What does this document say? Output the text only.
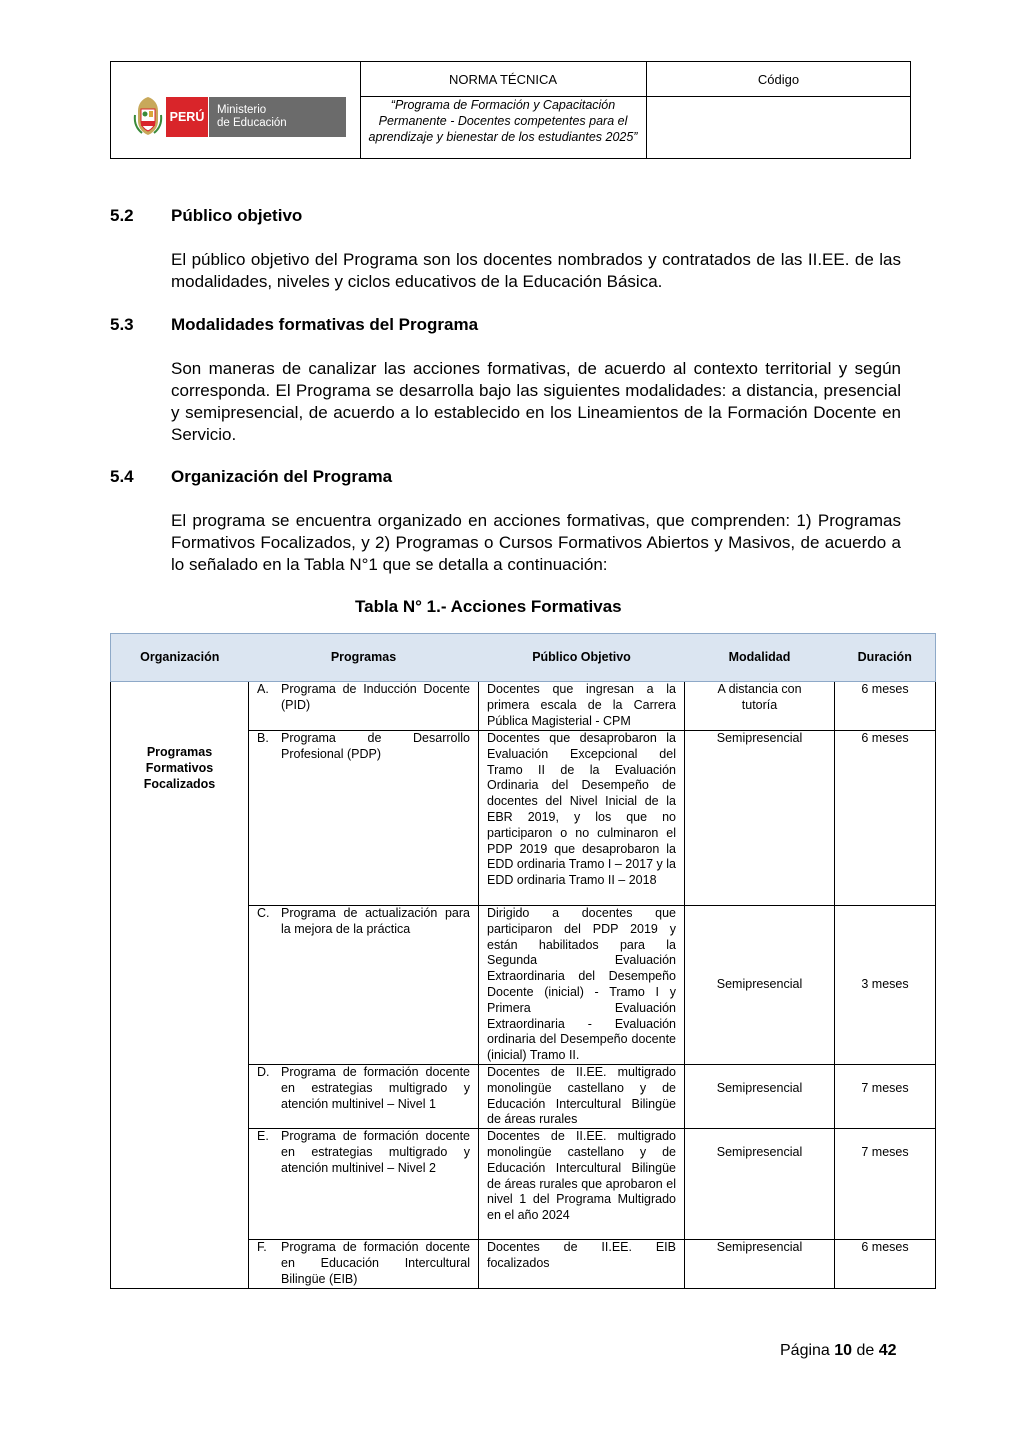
PERÚ	Ministerio
de Educación
NORMA TÉCNICA	Código
“Programa de Formación y Capacitación Permanente - Docentes competentes para el aprendizaje y bienestar de los estudiantes 2025”
5.2 Público objetivo
El público objetivo del Programa son los docentes nombrados y contratados de las II.EE. de las modalidades, niveles y ciclos educativos de la Educación Básica.
5.3 Modalidades formativas del Programa
Son maneras de canalizar las acciones formativas, de acuerdo al contexto territorial y según corresponda. El Programa se desarrolla bajo las siguientes modalidades: a distancia, presencial y semipresencial, de acuerdo a lo establecido en los Lineamientos de la Formación Docente en Servicio.
5.4 Organización del Programa
El programa se encuentra organizado en acciones formativas, que comprenden: 1) Programas Formativos Focalizados, y 2) Programas o Cursos Formativos Abiertos y Masivos, de acuerdo a lo señalado en la Tabla N°1 que se detalla a continuación:
Tabla N° 1.- Acciones Formativas
Organización	Programas	Público Objetivo	Modalidad	Duración

Programas Formativos Focalizados	A. Programa de Inducción Docente (PID)	Docentes que ingresan a la primera escala de la Carrera Pública Magisterial - CPM	A distancia con tutoría	6 meses

	B. Programa de Desarrollo Profesional (PDP)	Docentes que desaprobaron la Evaluación Excepcional del Tramo II de la Evaluación Ordinaria del Desempeño de docentes del Nivel Inicial de la EBR 2019, y los que no participaron o no culminaron el PDP 2019 que desaprobaron la EDD ordinaria Tramo I – 2017 y la EDD ordinaria Tramo II – 2018	Semipresencial	6 meses

	C. Programa de actualización para la mejora de la práctica	Dirigido a docentes que participaron del PDP 2019 y están habilitados para la Segunda Evaluación Extraordinaria del Desempeño Docente (inicial) - Tramo I y Primera Evaluación Extraordinaria - Evaluación ordinaria del Desempeño docente (inicial) Tramo II.	Semipresencial	3 meses

	D. Programa de formación docente en estrategias multigrado y atención multinivel – Nivel 1	Docentes de II.EE. multigrado monolingüe castellano y de Educación Intercultural Bilingüe de áreas rurales	Semipresencial	7 meses

	E. Programa de formación docente en estrategias multigrado y atención multinivel – Nivel 2	Docentes de II.EE. multigrado monolingüe castellano y de Educación Intercultural Bilingüe de áreas rurales que aprobaron el nivel 1 del Programa Multigrado en el año 2024	Semipresencial	7 meses

	F. Programa de formación docente en Educación Intercultural Bilingüe (EIB)	Docentes de II.EE. EIB focalizados	Semipresencial	6 meses
Página 10 de 42
